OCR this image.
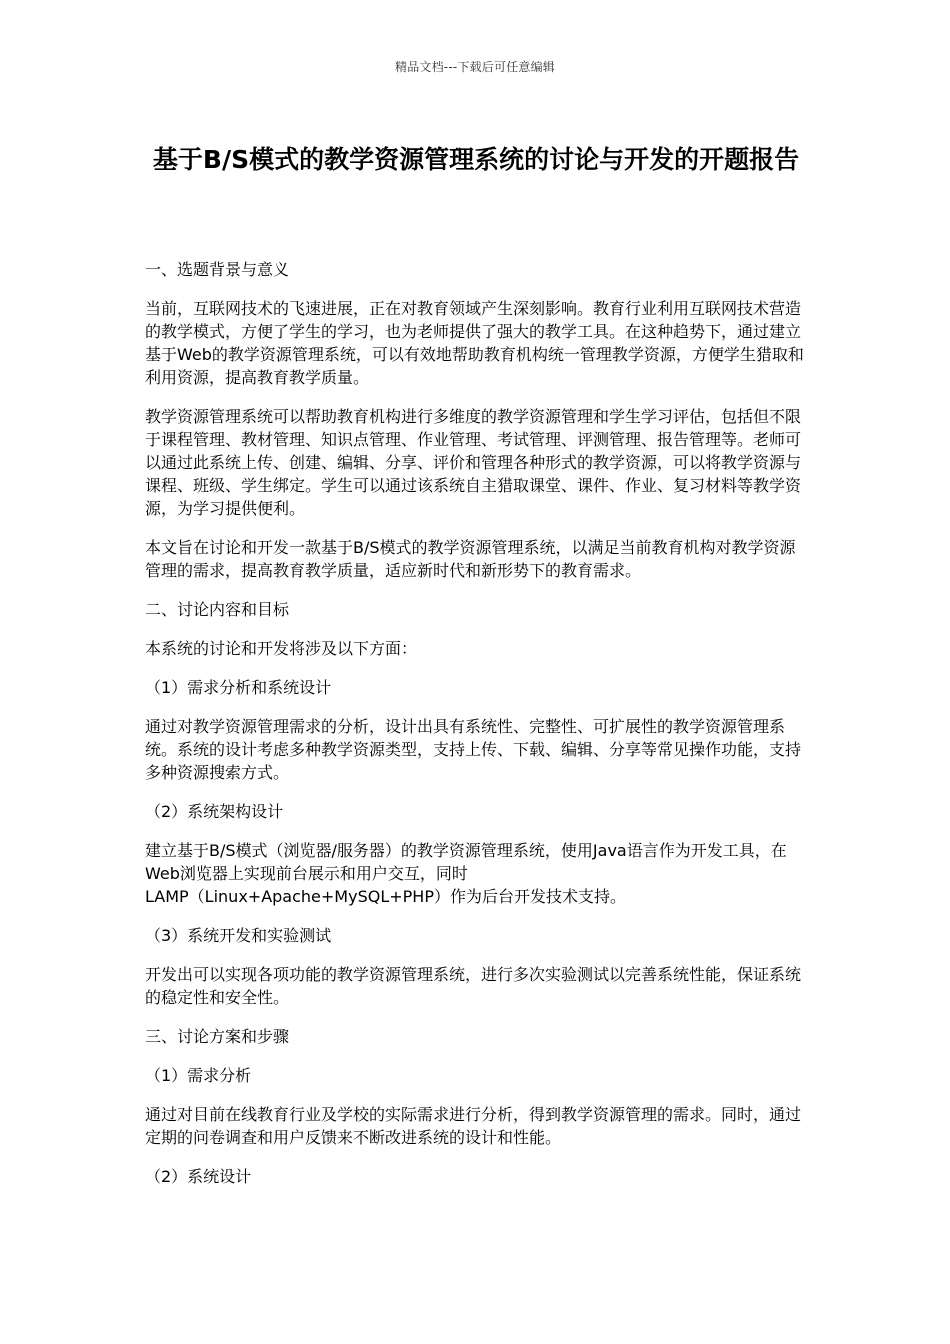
精品文档---下载后可任意编辑
基于B/S模式的教学资源管理系统的讨论与开发的开题报告

一、选题背景与意义

当前，互联网技术的飞速进展，正在对教育领域产生深刻影响。教育行业利用互联网技术营造的教学模式，方便了学生的学习，也为老师提供了强大的教学工具。在这种趋势下，通过建立基于Web的教学资源管理系统，可以有效地帮助教育机构统一管理教学资源，方便学生猎取和利用资源，提高教育教学质量。

教学资源管理系统可以帮助教育机构进行多维度的教学资源管理和学生学习评估，包括但不限于课程管理、教材管理、知识点管理、作业管理、考试管理、评测管理、报告管理等。老师可以通过此系统上传、创建、编辑、分享、评价和管理各种形式的教学资源，可以将教学资源与课程、班级、学生绑定。学生可以通过该系统自主猎取课堂、课件、作业、复习材料等教学资源，为学习提供便利。

本文旨在讨论和开发一款基于B/S模式的教学资源管理系统，以满足当前教育机构对教学资源管理的需求，提高教育教学质量，适应新时代和新形势下的教育需求。

二、讨论内容和目标

本系统的讨论和开发将涉及以下方面：

（1）需求分析和系统设计

通过对教学资源管理需求的分析，设计出具有系统性、完整性、可扩展性的教学资源管理系统。系统的设计考虑多种教学资源类型，支持上传、下载、编辑、分享等常见操作功能，支持多种资源搜索方式。

（2）系统架构设计

建立基于B/S模式（浏览器/服务器）的教学资源管理系统，使用Java语言作为开发工具，在Web浏览器上实现前台展示和用户交互，同时
LAMP（Linux+Apache+MySQL+PHP）作为后台开发技术支持。

（3）系统开发和实验测试

开发出可以实现各项功能的教学资源管理系统，进行多次实验测试以完善系统性能，保证系统的稳定性和安全性。

三、讨论方案和步骤

（1）需求分析

通过对目前在线教育行业及学校的实际需求进行分析，得到教学资源管理的需求。同时，通过定期的问卷调查和用户反馈来不断改进系统的设计和性能。

（2）系统设计
